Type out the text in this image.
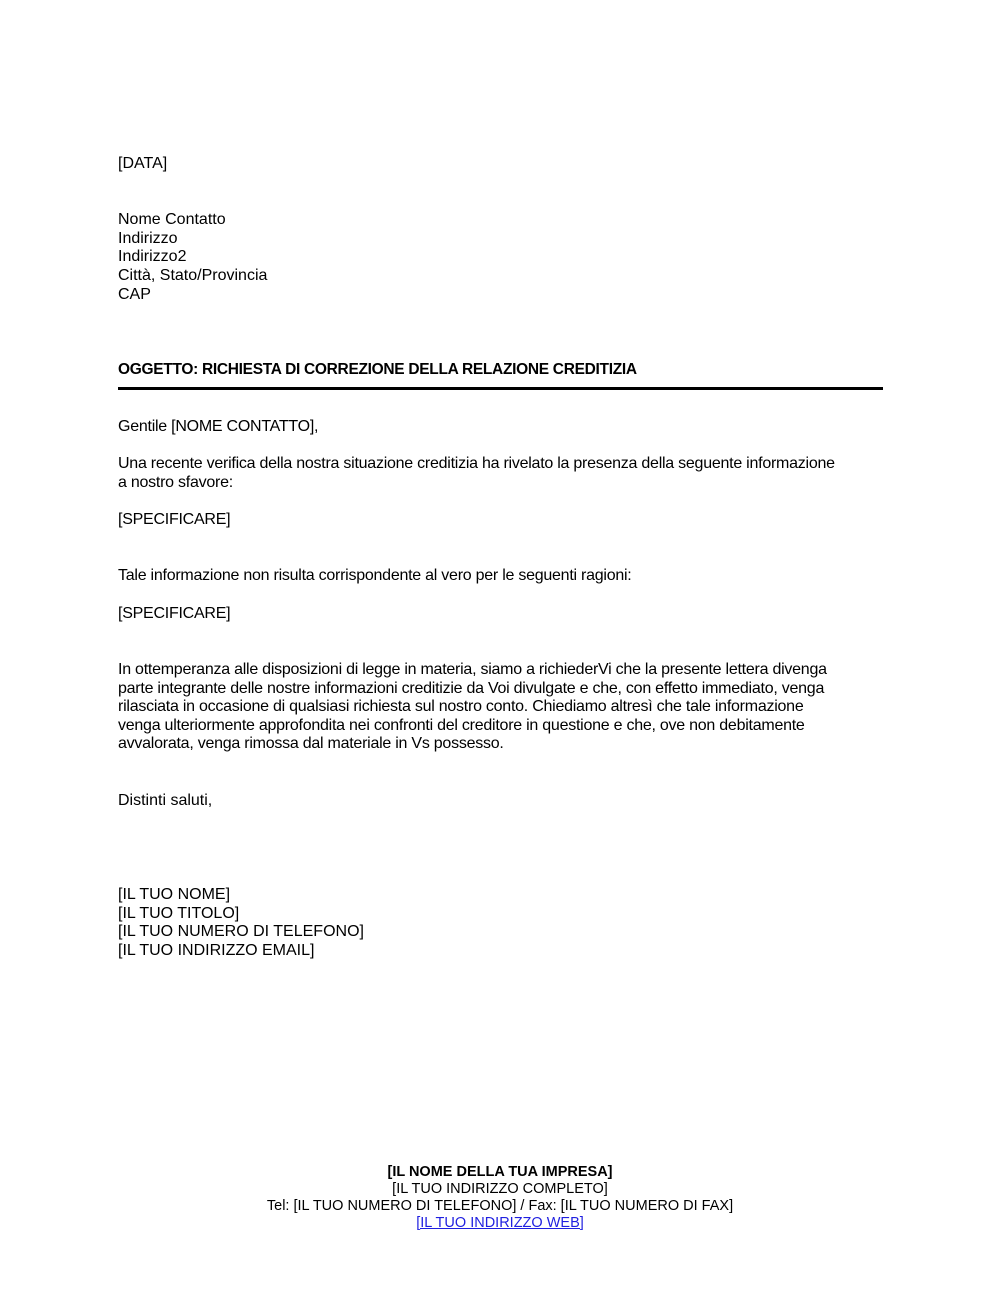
[DATA]
Nome Contatto
Indirizzo
Indirizzo2
Città, Stato/Provincia
CAP
OGGETTO: RICHIESTA DI CORREZIONE DELLA RELAZIONE CREDITIZIA
Gentile [NOME CONTATTO],
Una recente verifica della nostra situazione creditizia ha rivelato la presenza della seguente informazione
a nostro sfavore:
[SPECIFICARE]
Tale informazione non risulta corrispondente al vero per le seguenti ragioni:
[SPECIFICARE]
In ottemperanza alle disposizioni di legge in materia, siamo a richiederVi che la presente lettera divenga
parte integrante delle nostre informazioni creditizie da Voi divulgate e che, con effetto immediato, venga
rilasciata in occasione di qualsiasi richiesta sul nostro conto. Chiediamo altresì che tale informazione
venga ulteriormente approfondita nei confronti del creditore in questione e che, ove non debitamente
avvalorata, venga rimossa dal materiale in Vs possesso.
Distinti saluti,
[IL TUO NOME]
[IL TUO TITOLO]
[IL TUO NUMERO DI TELEFONO]
[IL TUO INDIRIZZO EMAIL]
[IL NOME DELLA TUA IMPRESA]
[IL TUO INDIRIZZO COMPLETO]
Tel: [IL TUO NUMERO DI TELEFONO] / Fax: [IL TUO NUMERO DI FAX]
[IL TUO INDIRIZZO WEB]
